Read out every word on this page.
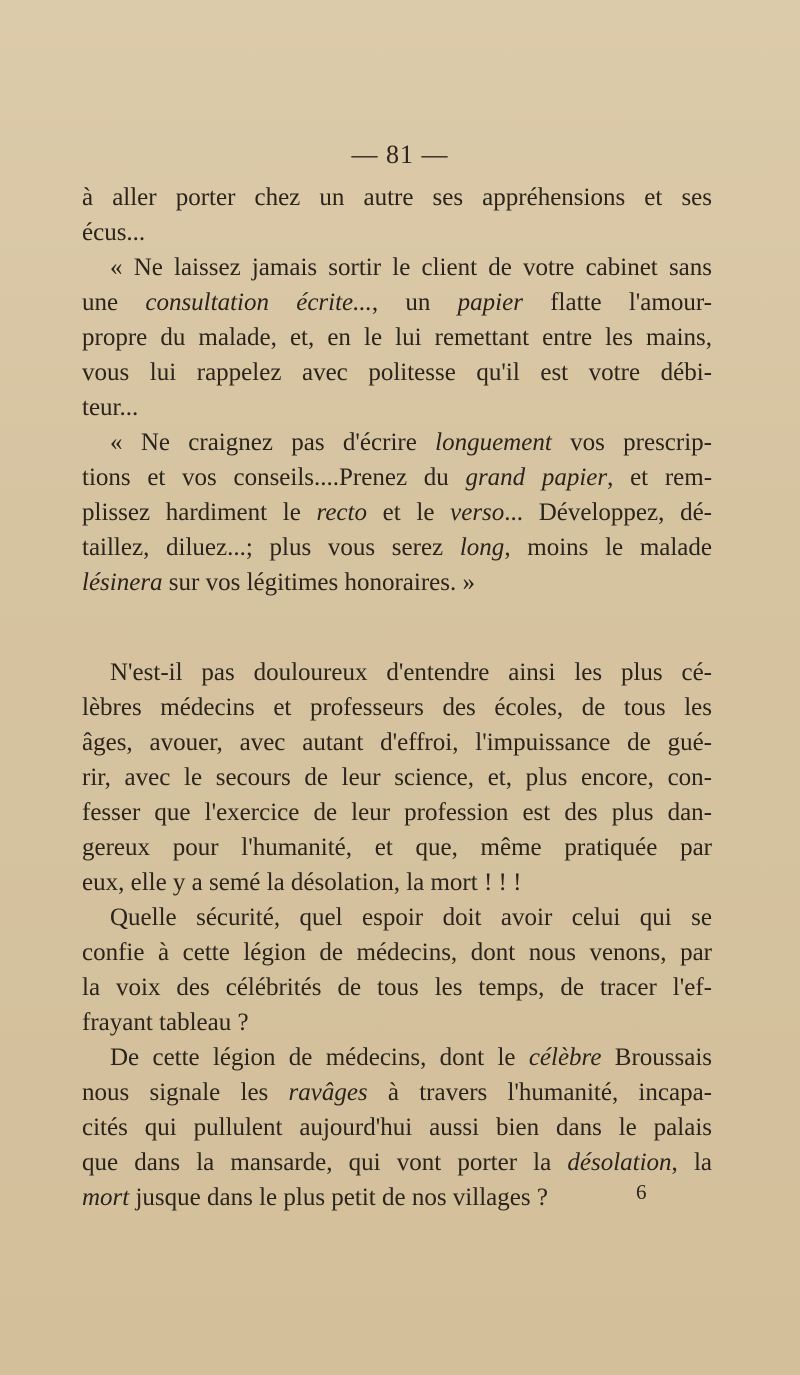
— 81 —
à aller porter chez un autre ses appréhensions et ses
écus...
« Ne laissez jamais sortir le client de votre cabinet sans
une consultation écrite..., un papier flatte l'amour-
propre du malade, et, en le lui remettant entre les mains,
vous lui rappelez avec politesse qu'il est votre débi-
teur...
« Ne craignez pas d'écrire longuement vos prescrip-
tions et vos conseils....Prenez du grand papier, et rem-
plissez hardiment le recto et le verso... Développez, dé-
taillez, diluez...; plus vous serez long, moins le malade
lésinera sur vos légitimes honoraires. »
N'est-il pas douloureux d'entendre ainsi les plus cé-
lèbres médecins et professeurs des écoles, de tous les
âges, avouer, avec autant d'effroi, l'impuissance de gué-
rir, avec le secours de leur science, et, plus encore, con-
fesser que l'exercice de leur profession est des plus dan-
gereux pour l'humanité, et que, même pratiquée par
eux, elle y a semé la désolation, la mort ! ! !
Quelle sécurité, quel espoir doit avoir celui qui se
confie à cette légion de médecins, dont nous venons, par
la voix des célébrités de tous les temps, de tracer l'ef-
frayant tableau ?
De cette légion de médecins, dont le célèbre Broussais
nous signale les ravâges à travers l'humanité, incapa-
cités qui pullulent aujourd'hui aussi bien dans le palais
que dans la mansarde, qui vont porter la désolation, la
mort jusque dans le plus petit de nos villages ?	6
